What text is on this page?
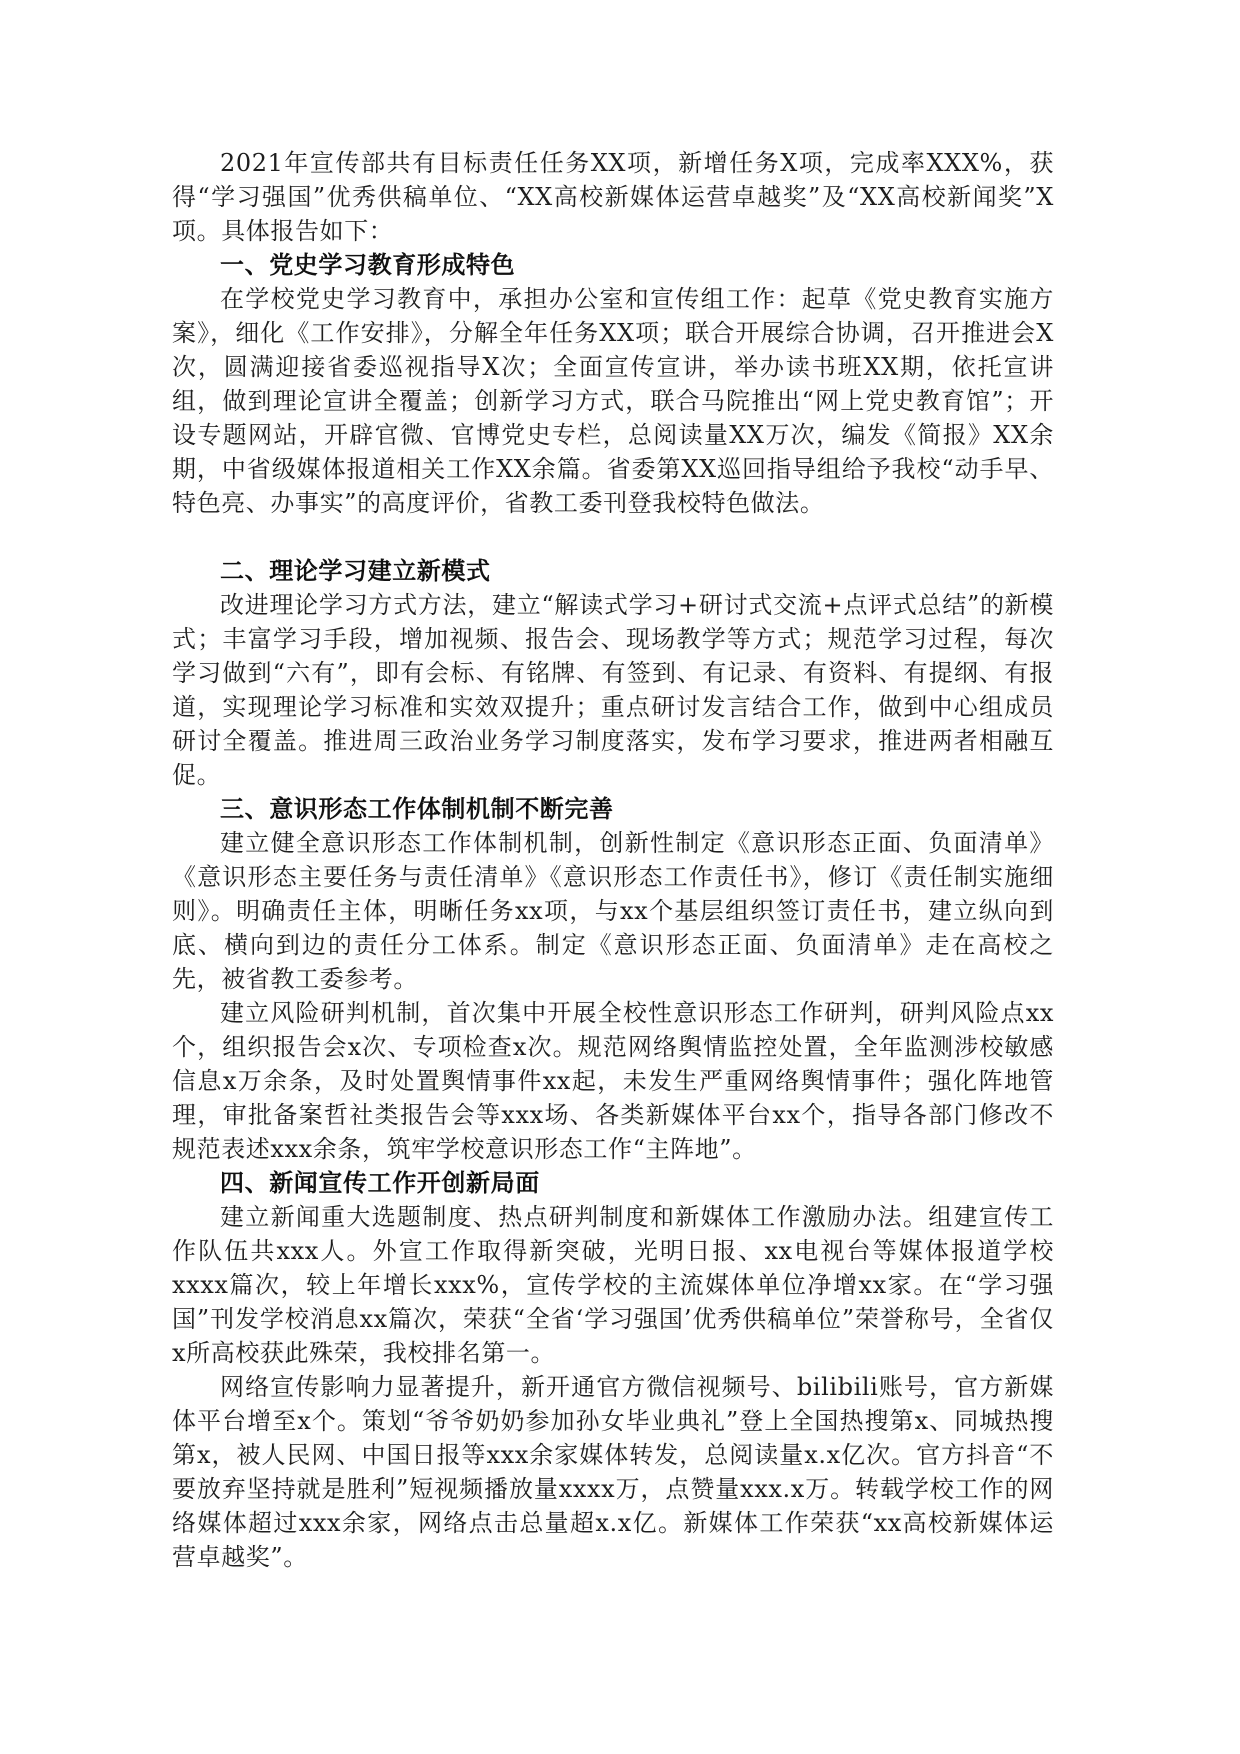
2021年宣传部共有目标责任任务XX项，新增任务X项，完成率XXX%，获得“学习强国”优秀供稿单位、“XX高校新媒体运营卓越奖”及“XX高校新闻奖”X项。具体报告如下：

一、党史学习教育形成特色

在学校党史学习教育中，承担办公室和宣传组工作：起草《党史教育实施方案》，细化《工作安排》，分解全年任务XX项；联合开展综合协调，召开推进会X次，圆满迎接省委巡视指导X次；全面宣传宣讲，举办读书班XX期，依托宣讲组，做到理论宣讲全覆盖；创新学习方式，联合马院推出“网上党史教育馆”；开设专题网站，开辟官微、官博党史专栏，总阅读量XX万次，编发《简报》XX余期，中省级媒体报道相关工作XX余篇。省委第XX巡回指导组给予我校“动手早、特色亮、办事实”的高度评价，省教工委刊登我校特色做法。

二、理论学习建立新模式

改进理论学习方式方法，建立“解读式学习+研讨式交流+点评式总结”的新模式；丰富学习手段，增加视频、报告会、现场教学等方式；规范学习过程，每次学习做到“六有”，即有会标、有铭牌、有签到、有记录、有资料、有提纲、有报道，实现理论学习标准和实效双提升；重点研讨发言结合工作，做到中心组成员研讨全覆盖。推进周三政治业务学习制度落实，发布学习要求，推进两者相融互促。

三、意识形态工作体制机制不断完善

建立健全意识形态工作体制机制，创新性制定《意识形态正面、负面清单》《意识形态主要任务与责任清单》《意识形态工作责任书》，修订《责任制实施细则》。明确责任主体，明晰任务xx项，与xx个基层组织签订责任书，建立纵向到底、横向到边的责任分工体系。制定《意识形态正面、负面清单》走在高校之先，被省教工委参考。

建立风险研判机制，首次集中开展全校性意识形态工作研判，研判风险点xx个，组织报告会x次、专项检查x次。规范网络舆情监控处置，全年监测涉校敏感信息x万余条，及时处置舆情事件xx起，未发生严重网络舆情事件；强化阵地管理，审批备案哲社类报告会等xxx场、各类新媒体平台xx个，指导各部门修改不规范表述xxx余条，筑牢学校意识形态工作“主阵地”。

四、新闻宣传工作开创新局面

建立新闻重大选题制度、热点研判制度和新媒体工作激励办法。组建宣传工作队伍共xxx人。外宣工作取得新突破，光明日报、xx电视台等媒体报道学校xxxx篇次，较上年增长xxx%，宣传学校的主流媒体单位净增xx家。在“学习强国”刊发学校消息xx篇次，荣获“全省‘学习强国’优秀供稿单位”荣誉称号，全省仅x所高校获此殊荣，我校排名第一。

网络宣传影响力显著提升，新开通官方微信视频号、bilibili账号，官方新媒体平台增至x个。策划“爷爷奶奶参加孙女毕业典礼”登上全国热搜第x、同城热搜第x，被人民网、中国日报等xxx余家媒体转发，总阅读量x.x亿次。官方抖音“不要放弃坚持就是胜利”短视频播放量xxxx万，点赞量xxx.x万。转载学校工作的网络媒体超过xxx余家，网络点击总量超x.x亿。新媒体工作荣获“xx高校新媒体运营卓越奖”。
